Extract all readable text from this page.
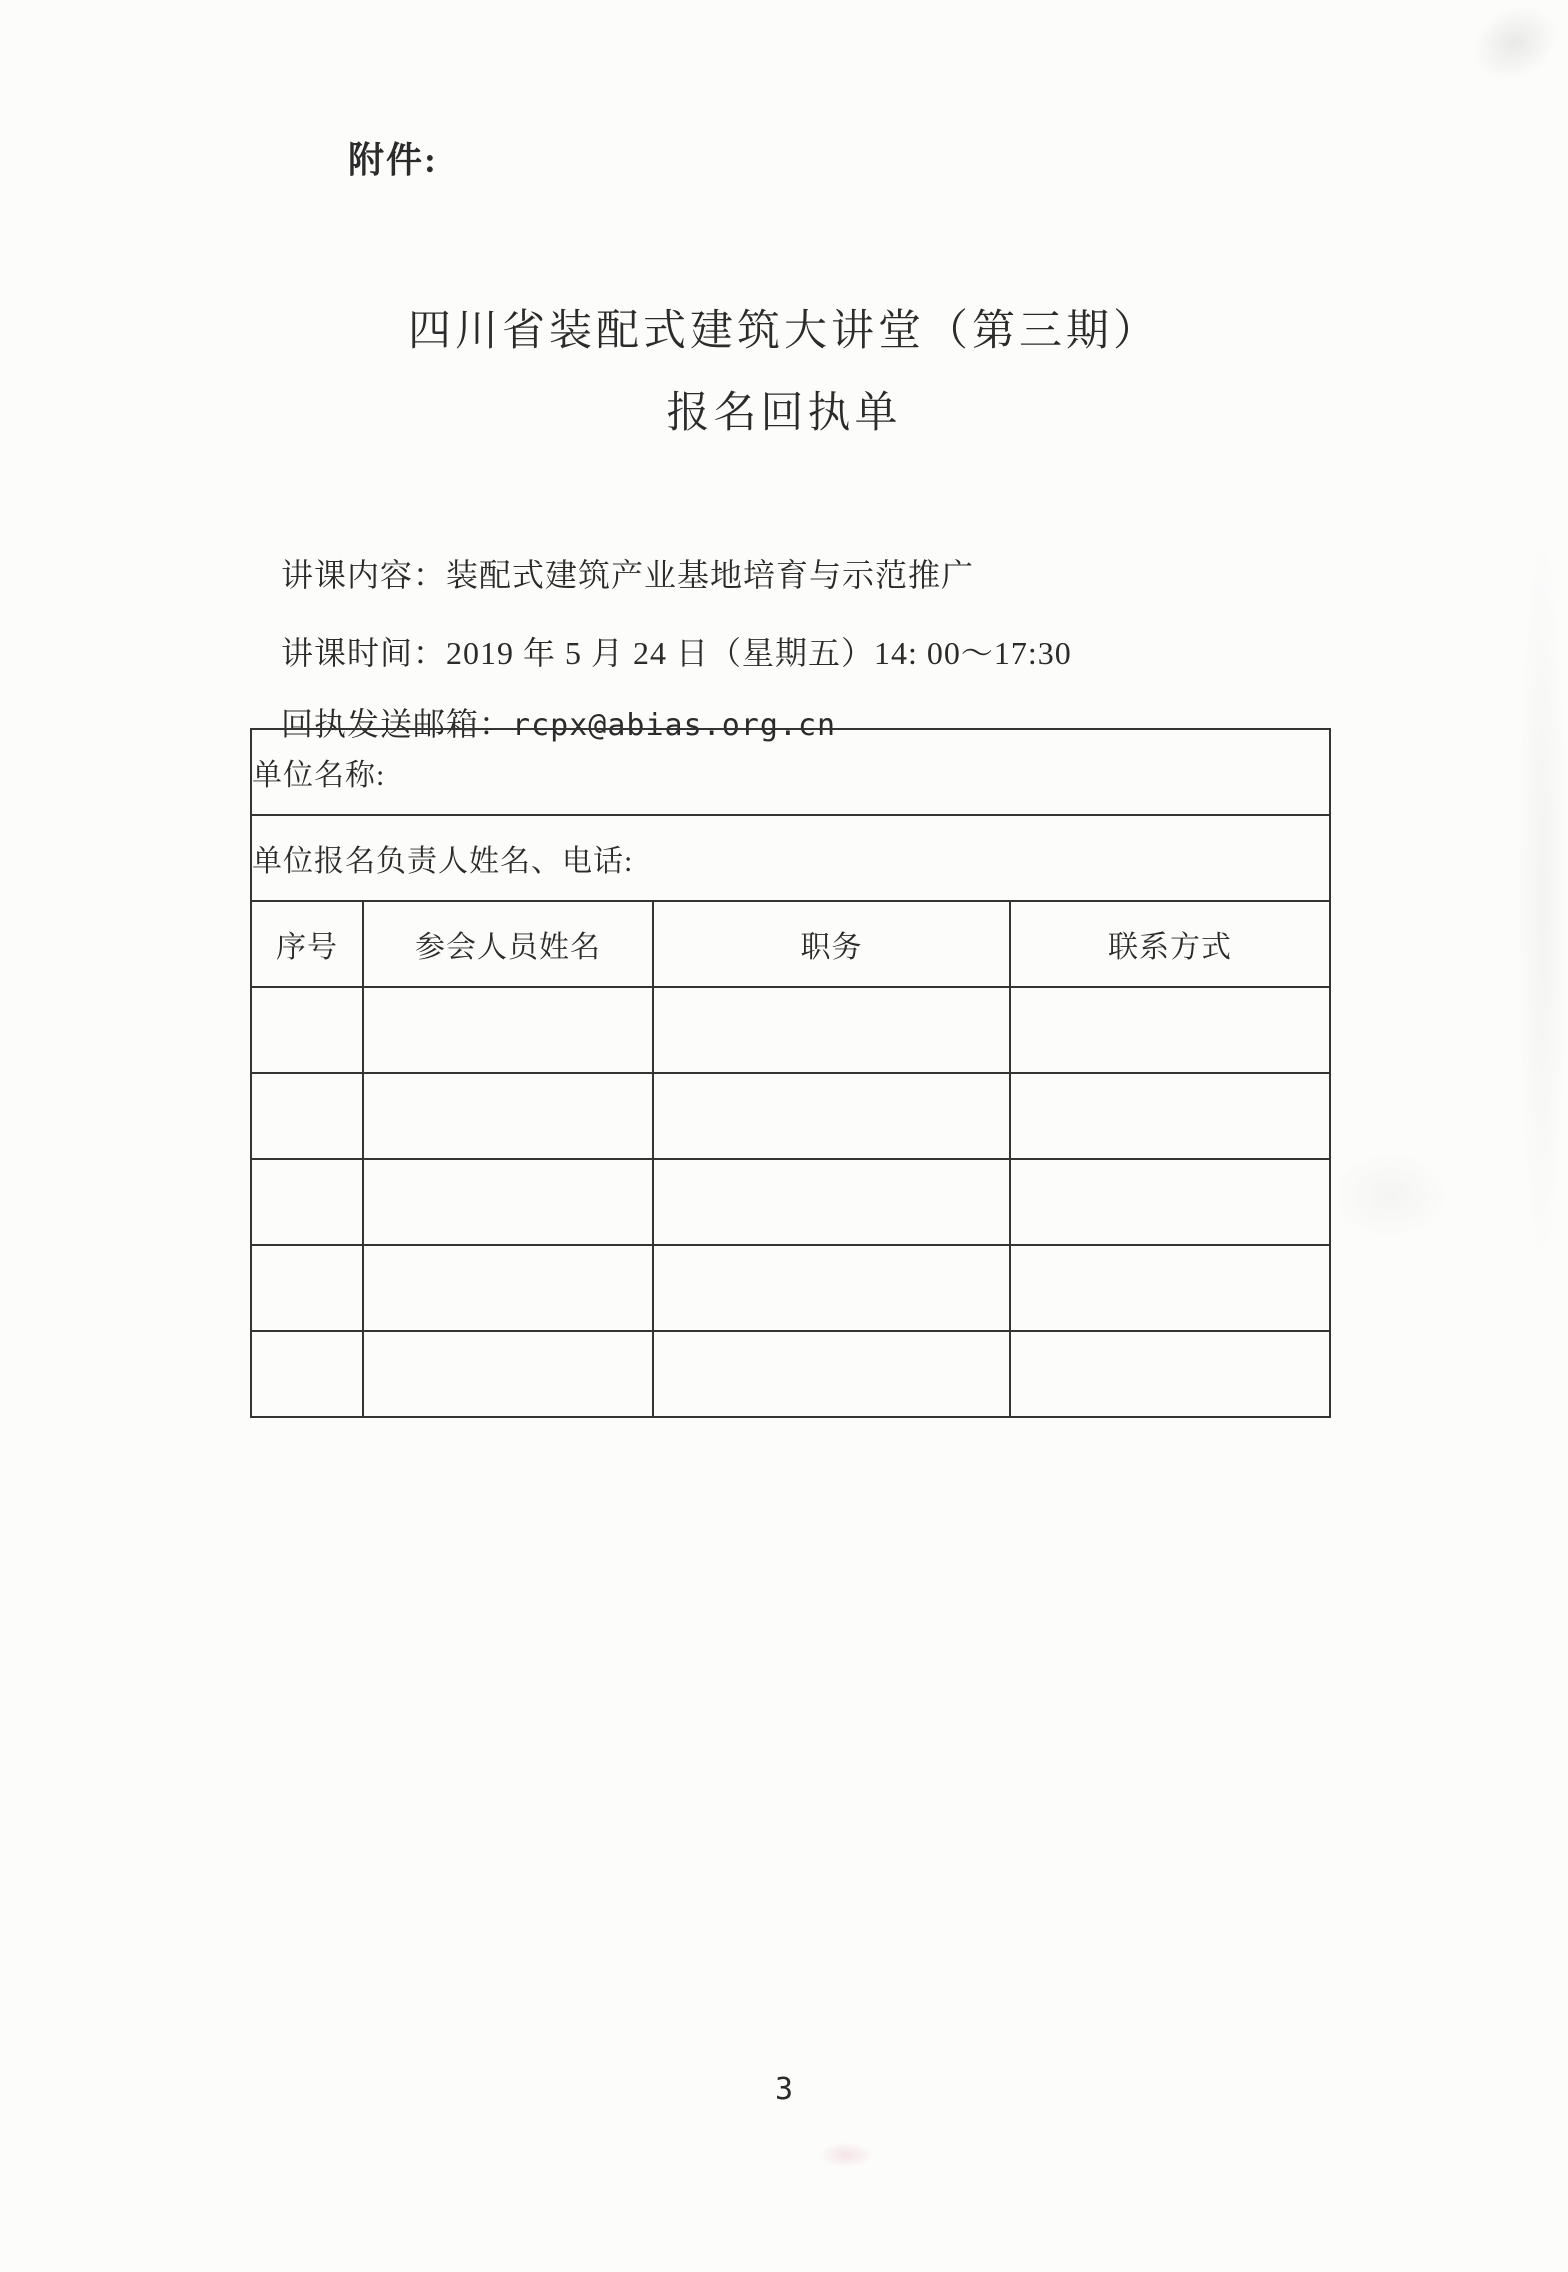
附件:
四川省装配式建筑大讲堂（第三期）
报名回执单

讲课内容：装配式建筑产业基地培育与示范推广

讲课时间：2019 年 5 月 24 日（星期五）14: 00～17:30

回执发送邮箱：rcpx@abias.org.cn

单位名称:			
单位报名负责人姓名、电话:			
序号	参会人员姓名	职务	联系方式

3
